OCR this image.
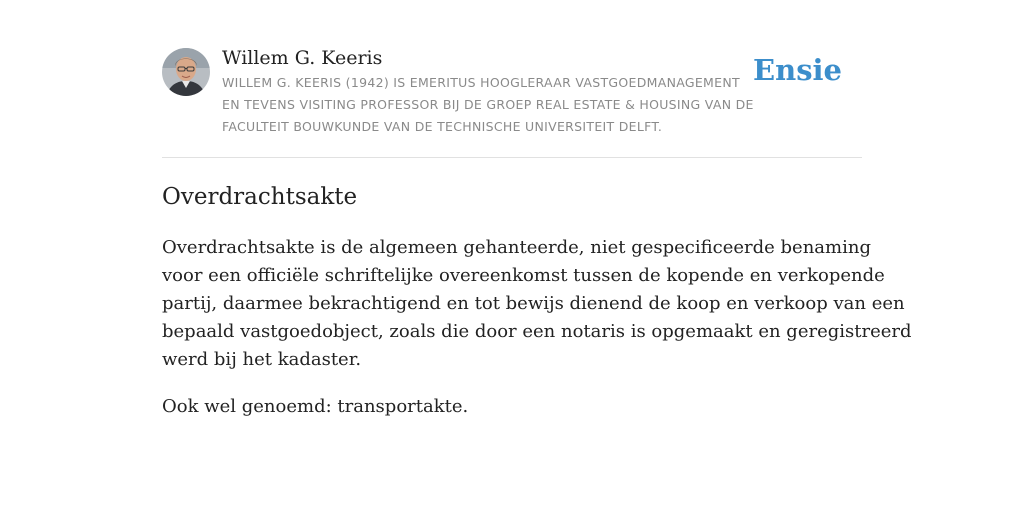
Willem G. Keeris
WILLEM G. KEERIS (1942) IS EMERITUS HOOGLERAAR VASTGOEDMANAGEMENT
EN TEVENS VISITING PROFESSOR BIJ DE GROEP REAL ESTATE & HOUSING VAN DE
FACULTEIT BOUWKUNDE VAN DE TECHNISCHE UNIVERSITEIT DELFT.
Ensie
Overdrachtsakte

Overdrachtsakte is de algemeen gehanteerde, niet gespecificeerde benaming
voor een officiële schriftelijke overeenkomst tussen de kopende en verkopende
partij, daarmee bekrachtigend en tot bewijs dienend de koop en verkoop van een
bepaald vastgoedobject, zoals die door een notaris is opgemaakt en geregistreerd
werd bij het kadaster.

Ook wel genoemd: transportakte.
